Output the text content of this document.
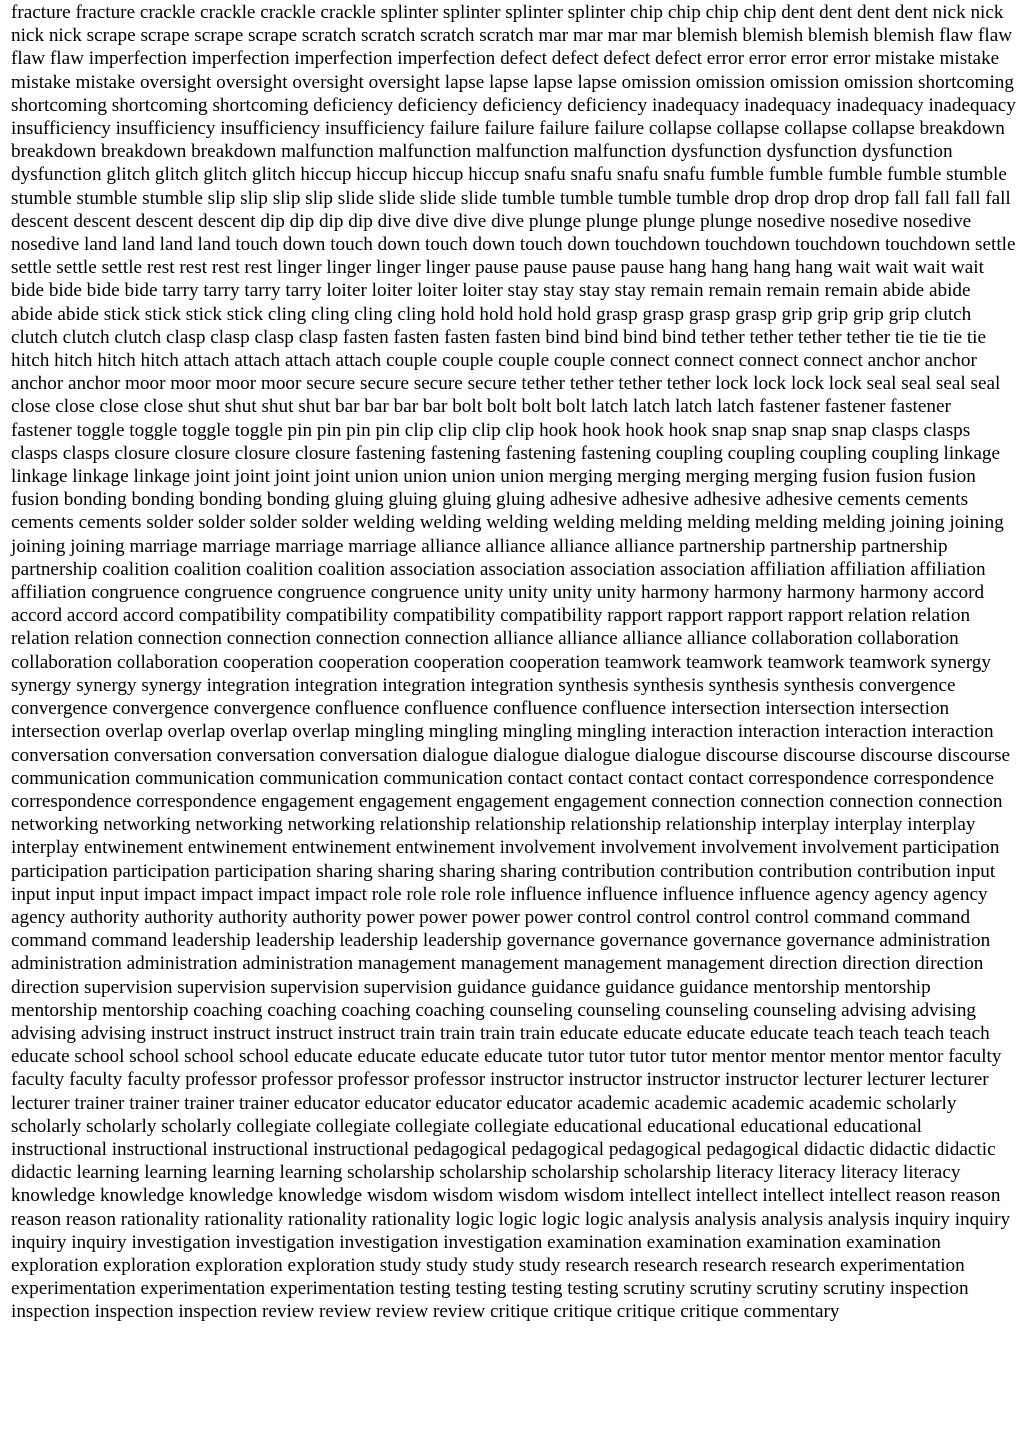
fracture fracture crackle crackle crackle crackle splinter splinter splinter splinter chip chip chip chip dent dent dent dent nick nick nick nick scrape scrape scrape scrape scratch scratch scratch scratch mar mar mar mar blemish blemish blemish blemish flaw flaw flaw flaw imperfection imperfection imperfection imperfection defect defect defect defect error error error error mistake mistake mistake mistake oversight oversight oversight oversight lapse lapse lapse lapse omission omission omission omission shortcoming shortcoming shortcoming shortcoming deficiency deficiency deficiency deficiency inadequacy inadequacy inadequacy inadequacy insufficiency insufficiency insufficiency insufficiency failure failure failure failure collapse collapse collapse collapse breakdown breakdown breakdown breakdown malfunction malfunction malfunction malfunction dysfunction dysfunction dysfunction dysfunction glitch glitch glitch glitch hiccup hiccup hiccup hiccup snafu snafu snafu snafu fumble fumble fumble fumble stumble stumble stumble stumble slip slip slip slip slide slide slide slide tumble tumble tumble tumble drop drop drop drop fall fall fall fall descent descent descent descent dip dip dip dip dive dive dive dive plunge plunge plunge plunge nosedive nosedive nosedive nosedive land land land land touch down touch down touch down touch down touchdown touchdown touchdown touchdown settle settle settle settle rest rest rest rest linger linger linger linger pause pause pause pause hang hang hang hang wait wait wait wait bide bide bide bide tarry tarry tarry tarry loiter loiter loiter loiter stay stay stay stay remain remain remain remain abide abide abide abide stick stick stick stick cling cling cling cling hold hold hold hold grasp grasp grasp grasp grip grip grip grip clutch clutch clutch clutch clasp clasp clasp clasp fasten fasten fasten fasten bind bind bind bind tether tether tether tether tie tie tie tie hitch hitch hitch hitch attach attach attach attach couple couple couple couple connect connect connect connect anchor anchor anchor anchor moor moor moor moor secure secure secure secure tether tether tether tether lock lock lock lock seal seal seal seal close close close close shut shut shut shut bar bar bar bar bolt bolt bolt bolt latch latch latch latch fastener fastener fastener fastener toggle toggle toggle toggle pin pin pin pin clip clip clip clip hook hook hook hook snap snap snap snap clasps clasps clasps clasps closure closure closure closure fastening fastening fastening fastening coupling coupling coupling coupling linkage linkage linkage linkage joint joint joint joint union union union union merging merging merging merging fusion fusion fusion fusion bonding bonding bonding bonding gluing gluing gluing gluing adhesive adhesive adhesive adhesive cements cements cements cements solder solder solder solder welding welding welding welding melding melding melding melding joining joining joining joining marriage marriage marriage marriage alliance alliance alliance alliance partnership partnership partnership partnership coalition coalition coalition coalition association association association association affiliation affiliation affiliation affiliation congruence congruence congruence congruence unity unity unity unity harmony harmony harmony harmony accord accord accord accord compatibility compatibility compatibility compatibility rapport rapport rapport rapport relation relation relation relation connection connection connection connection alliance alliance alliance alliance collaboration collaboration collaboration collaboration cooperation cooperation cooperation cooperation teamwork teamwork teamwork teamwork synergy synergy synergy synergy integration integration integration integration synthesis synthesis synthesis synthesis convergence convergence convergence convergence confluence confluence confluence confluence intersection intersection intersection intersection overlap overlap overlap overlap mingling mingling mingling mingling interaction interaction interaction interaction conversation conversation conversation conversation dialogue dialogue dialogue dialogue discourse discourse discourse discourse communication communication communication communication contact contact contact contact correspondence correspondence correspondence correspondence engagement engagement engagement engagement connection connection connection connection networking networking networking networking relationship relationship relationship relationship interplay interplay interplay interplay entwinement entwinement entwinement entwinement involvement involvement involvement involvement participation participation participation participation sharing sharing sharing sharing contribution contribution contribution contribution input input input input impact impact impact impact role role role role influence influence influence influence agency agency agency agency authority authority authority authority power power power power control control control control command command command command leadership leadership leadership leadership governance governance governance governance administration administration administration administration management management management management direction direction direction direction supervision supervision supervision supervision guidance guidance guidance guidance mentorship mentorship mentorship mentorship coaching coaching coaching coaching counseling counseling counseling counseling advising advising advising advising instruct instruct instruct instruct train train train train educate educate educate educate teach teach teach teach educate school school school school educate educate educate educate tutor tutor tutor tutor mentor mentor mentor mentor faculty faculty faculty faculty professor professor professor professor instructor instructor instructor instructor lecturer lecturer lecturer lecturer trainer trainer trainer trainer educator educator educator educator academic academic academic academic scholarly scholarly scholarly scholarly collegiate collegiate collegiate collegiate educational educational educational educational instructional instructional instructional instructional pedagogical pedagogical pedagogical pedagogical didactic didactic didactic didactic learning learning learning learning scholarship scholarship scholarship scholarship literacy literacy literacy literacy knowledge knowledge knowledge knowledge wisdom wisdom wisdom wisdom intellect intellect intellect intellect reason reason reason reason rationality rationality rationality rationality logic logic logic logic analysis analysis analysis analysis inquiry inquiry inquiry inquiry investigation investigation investigation investigation examination examination examination examination exploration exploration exploration exploration study study study study research research research research experimentation experimentation experimentation experimentation testing testing testing testing scrutiny scrutiny scrutiny scrutiny inspection inspection inspection inspection review review review review critique critique critique critique commentary
